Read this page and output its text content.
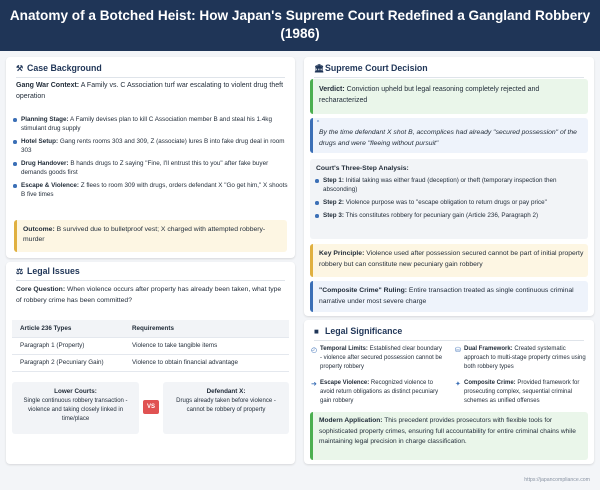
Anatomy of a Botched Heist: How Japan's Supreme Court Redefined a Gangland Robbery (1986)
⚒ Case Background
Gang War Context: A Family vs. C Association turf war escalating to violent drug theft operation
Planning Stage: A Family devises plan to kill C Association member B and steal his 1.4kg stimulant drug supply
Hotel Setup: Gang rents rooms 303 and 309, Z (associate) lures B into fake drug deal in room 303
Drug Handover: B hands drugs to Z saying "Fine, I'll entrust this to you" after fake buyer demands goods first
Escape & Violence: Z flees to room 309 with drugs, orders defendant X "Go get him," X shoots B five times
Outcome: B survived due to bulletproof vest; X charged with attempted robbery-murder
⚖ Legal Issues
Core Question: When violence occurs after property has already been taken, what type of robbery crime has been committed?
Article 236 Types	Requirements
Paragraph 1 (Property)	Violence to take tangible items
Paragraph 2 (Pecuniary Gain)	Violence to obtain financial advantage
Lower Courts:
Single continuous robbery transaction - violence and taking closely linked in time/place
VS
Defendant X:
Drugs already taken before violence - cannot be robbery of property
🏛Supreme Court Decision
Verdict: Conviction upheld but legal reasoning completely rejected and recharacterized
“
By the time defendant X shot B, accomplices had already "secured possession" of the drugs and were "fleeing without pursuit"
Court's Three-Step Analysis:
Step 1: Initial taking was either fraud (deception) or theft (temporary inspection then absconding)
Step 2: Violence purpose was to "escape obligation to return drugs or pay price"
Step 3: This constitutes robbery for pecuniary gain (Article 236, Paragraph 2)
Key Principle: Violence used after possession secured cannot be part of initial property robbery but can constitute new pecuniary gain robbery
"Composite Crime" Ruling: Entire transaction treated as single continuous criminal narrative under most severe charge
■ Legal Significance
◴ Temporal Limits: Established clear boundary - violence after secured possession cannot be property robbery
⛁ Dual Framework: Created systematic approach to multi-stage property crimes using both robbery types
➜ Escape Violence: Recognized violence to avoid return obligations as distinct pecuniary gain robbery
✦ Composite Crime: Provided framework for prosecuting complex, sequential criminal schemes as unified offenses
Modern Application: This precedent provides prosecutors with flexible tools for sophisticated property crimes, ensuring full accountability for entire criminal chains while maintaining legal precision in charge classification.
https://japancompliance.com
